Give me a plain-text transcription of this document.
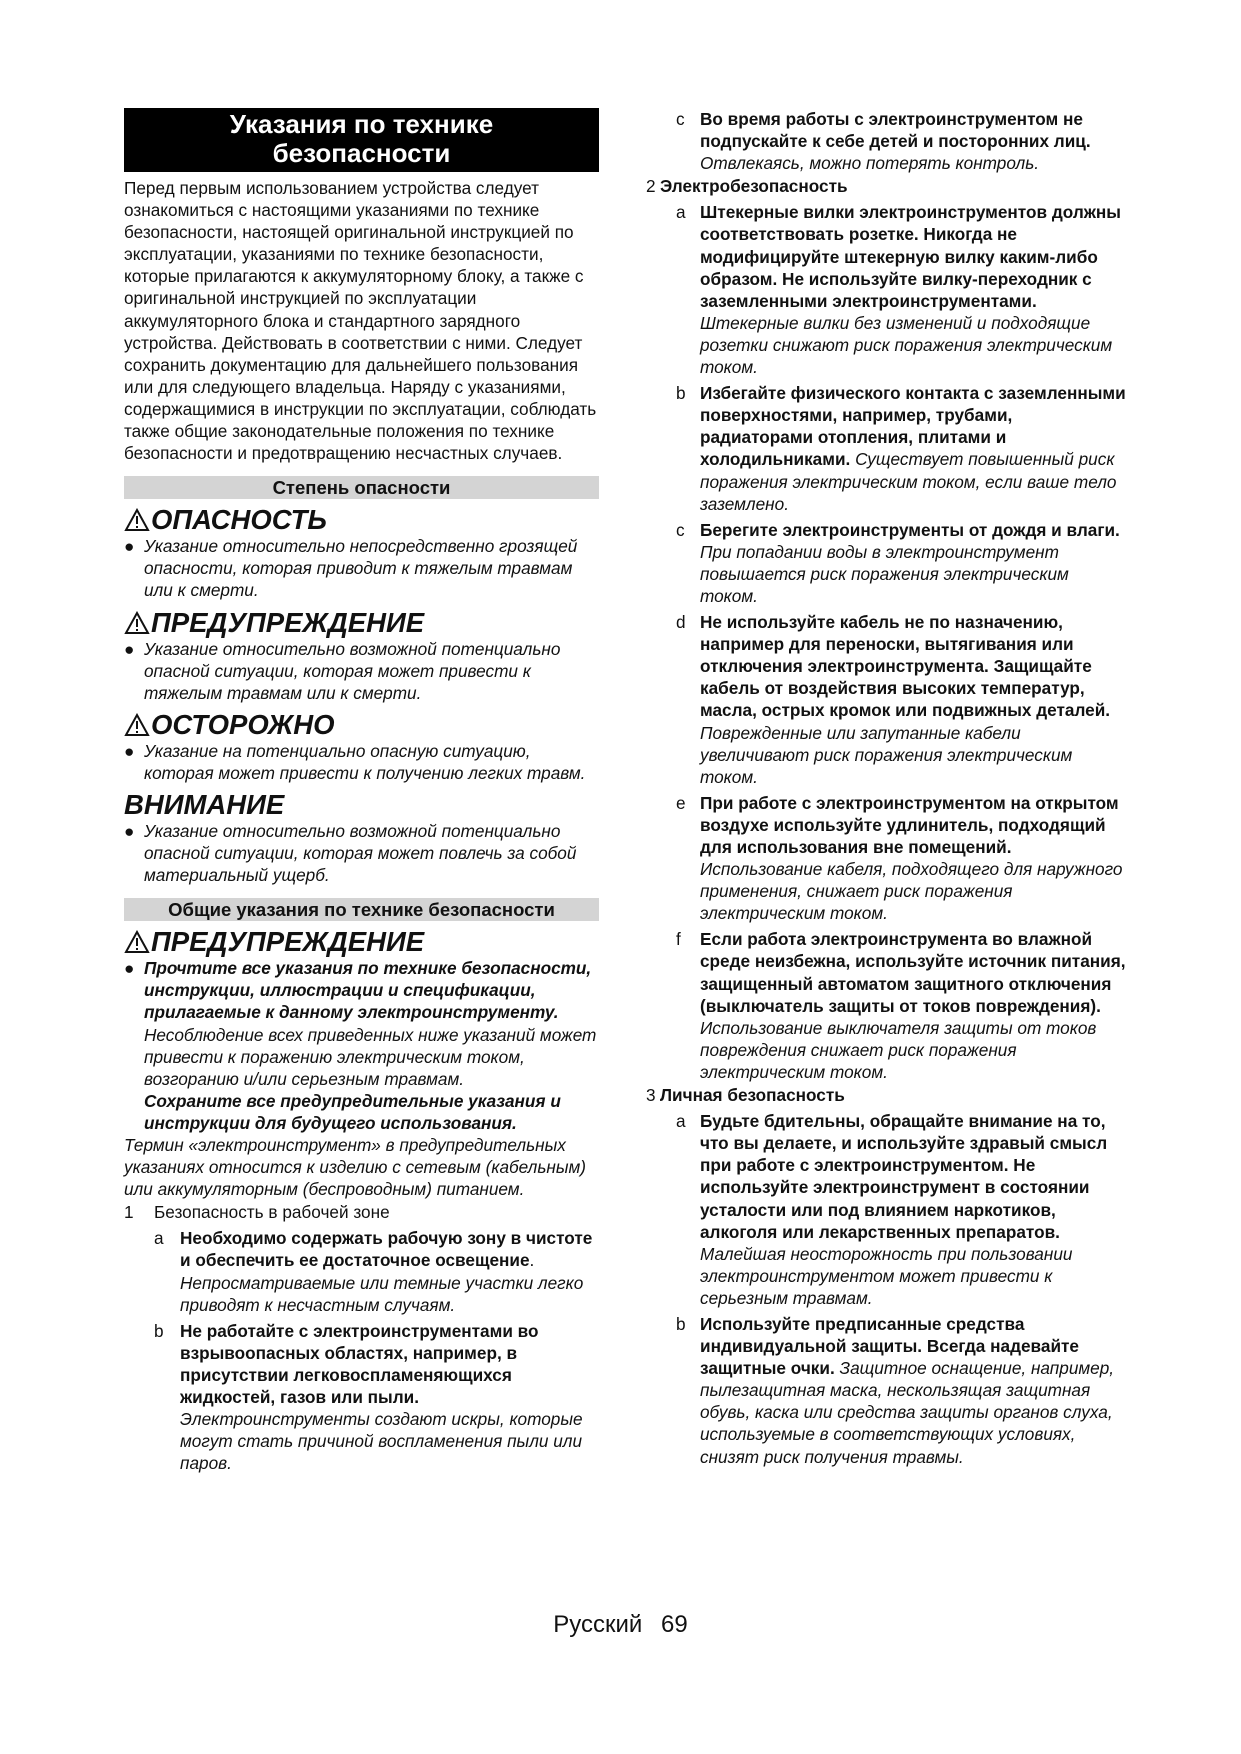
Указания по технике
безопасности

Перед первым использованием устройства следует ознакомиться с настоящими указаниями по технике безопасности, настоящей оригинальной инструкцией по эксплуатации, указаниями по технике безопасности, которые прилагаются к аккумуляторному блоку, а также с оригинальной инструкцией по эксплуатации аккумуляторного блока и стандартного зарядного устройства. Действовать в соответствии с ними. Следует сохранить документацию для дальнейшего пользования или для следующего владельца. Наряду с указаниями, содержащимися в инструкции по эксплуатации, соблюдать также общие законодательные положения по технике безопасности и предотвращению несчастных случаев.

Степень опасности
ОПАСНОСТЬ

● Указание относительно непосредственно грозящей опасности, которая приводит к тяжелым травмам или к смерти.

ПРЕДУПРЕЖДЕНИЕ

● Указание относительно возможной потенциально опасной ситуации, которая может привести к тяжелым травмам или к смерти.

ОСТОРОЖНО

● Указание на потенциально опасную ситуацию, которая может привести к получению легких травм.

ВНИМАНИЕ

● Указание относительно возможной потенциально опасной ситуации, которая может повлечь за собой материальный ущерб.

Общие указания по технике безопасности
ПРЕДУПРЕЖДЕНИЕ

● Прочтите все указания по технике безопасности, инструкции, иллюстрации и спецификации, прилагаемые к данному электроинструменту.
Несоблюдение всех приведенных ниже указаний может привести к поражению электрическим током, возгоранию и/или серьезным травмам.
Сохраните все предупредительные указания и инструкции для будущего использования.

Термин «электроинструмент» в предупредительных указаниях относится к изделию с сетевым (кабельным) или аккумуляторным (беспроводным) питанием.

1 Безопасность в рабочей зоне
a Необходимо содержать рабочую зону в чистоте и обеспечить ее достаточное освещение. Непросматриваемые или темные участки легко приводят к несчастным случаям.
b Не работайте с электроинструментами во взрывоопасных областях, например, в присутствии легковоспламеняющихся жидкостей, газов или пыли.
Электроинструменты создают искры, которые могут стать причиной воспламенения пыли или паров.
c Во время работы с электроинструментом не подпускайте к себе детей и посторонних лиц. Отвлекаясь, можно потерять контроль.
2 Электробезопасность
a Штекерные вилки электроинструментов должны соответствовать розетке. Никогда не модифицируйте штекерную вилку каким-либо образом. Не используйте вилку-переходник с заземленными электроинструментами. Штекерные вилки без изменений и подходящие розетки снижают риск поражения электрическим током.
b Избегайте физического контакта с заземленными поверхностями, например, трубами, радиаторами отопления, плитами и холодильниками. Существует повышенный риск поражения электрическим током, если ваше тело заземлено.
c Берегите электроинструменты от дождя и влаги. При попадании воды в электроинструмент повышается риск поражения электрическим током.
d Не используйте кабель не по назначению, например для переноски, вытягивания или отключения электроинструмента. Защищайте кабель от воздействия высоких температур, масла, острых кромок или подвижных деталей. Поврежденные или запутанные кабели увеличивают риск поражения электрическим током.
e При работе с электроинструментом на открытом воздухе используйте удлинитель, подходящий для использования вне помещений. Использование кабеля, подходящего для наружного применения, снижает риск поражения электрическим током.
f Если работа электроинструмента во влажной среде неизбежна, используйте источник питания, защищенный автоматом защитного отключения (выключатель защиты от токов повреждения). Использование выключателя защиты от токов повреждения снижает риск поражения электрическим током.
3 Личная безопасность
a Будьте бдительны, обращайте внимание на то, что вы делаете, и используйте здравый смысл при работе с электроинструментом. Не используйте электроинструмент в состоянии усталости или под влиянием наркотиков, алкоголя или лекарственных препаратов. Малейшая неосторожность при пользовании электроинструментом может привести к серьезным травмам.
b Используйте предписанные средства индивидуальной защиты. Всегда надевайте защитные очки. Защитное оснащение, например, пылезащитная маска, нескользящая защитная обувь, каска или средства защиты органов слуха, используемые в соответствующих условиях, снизят риск получения травмы.
Русский 69
